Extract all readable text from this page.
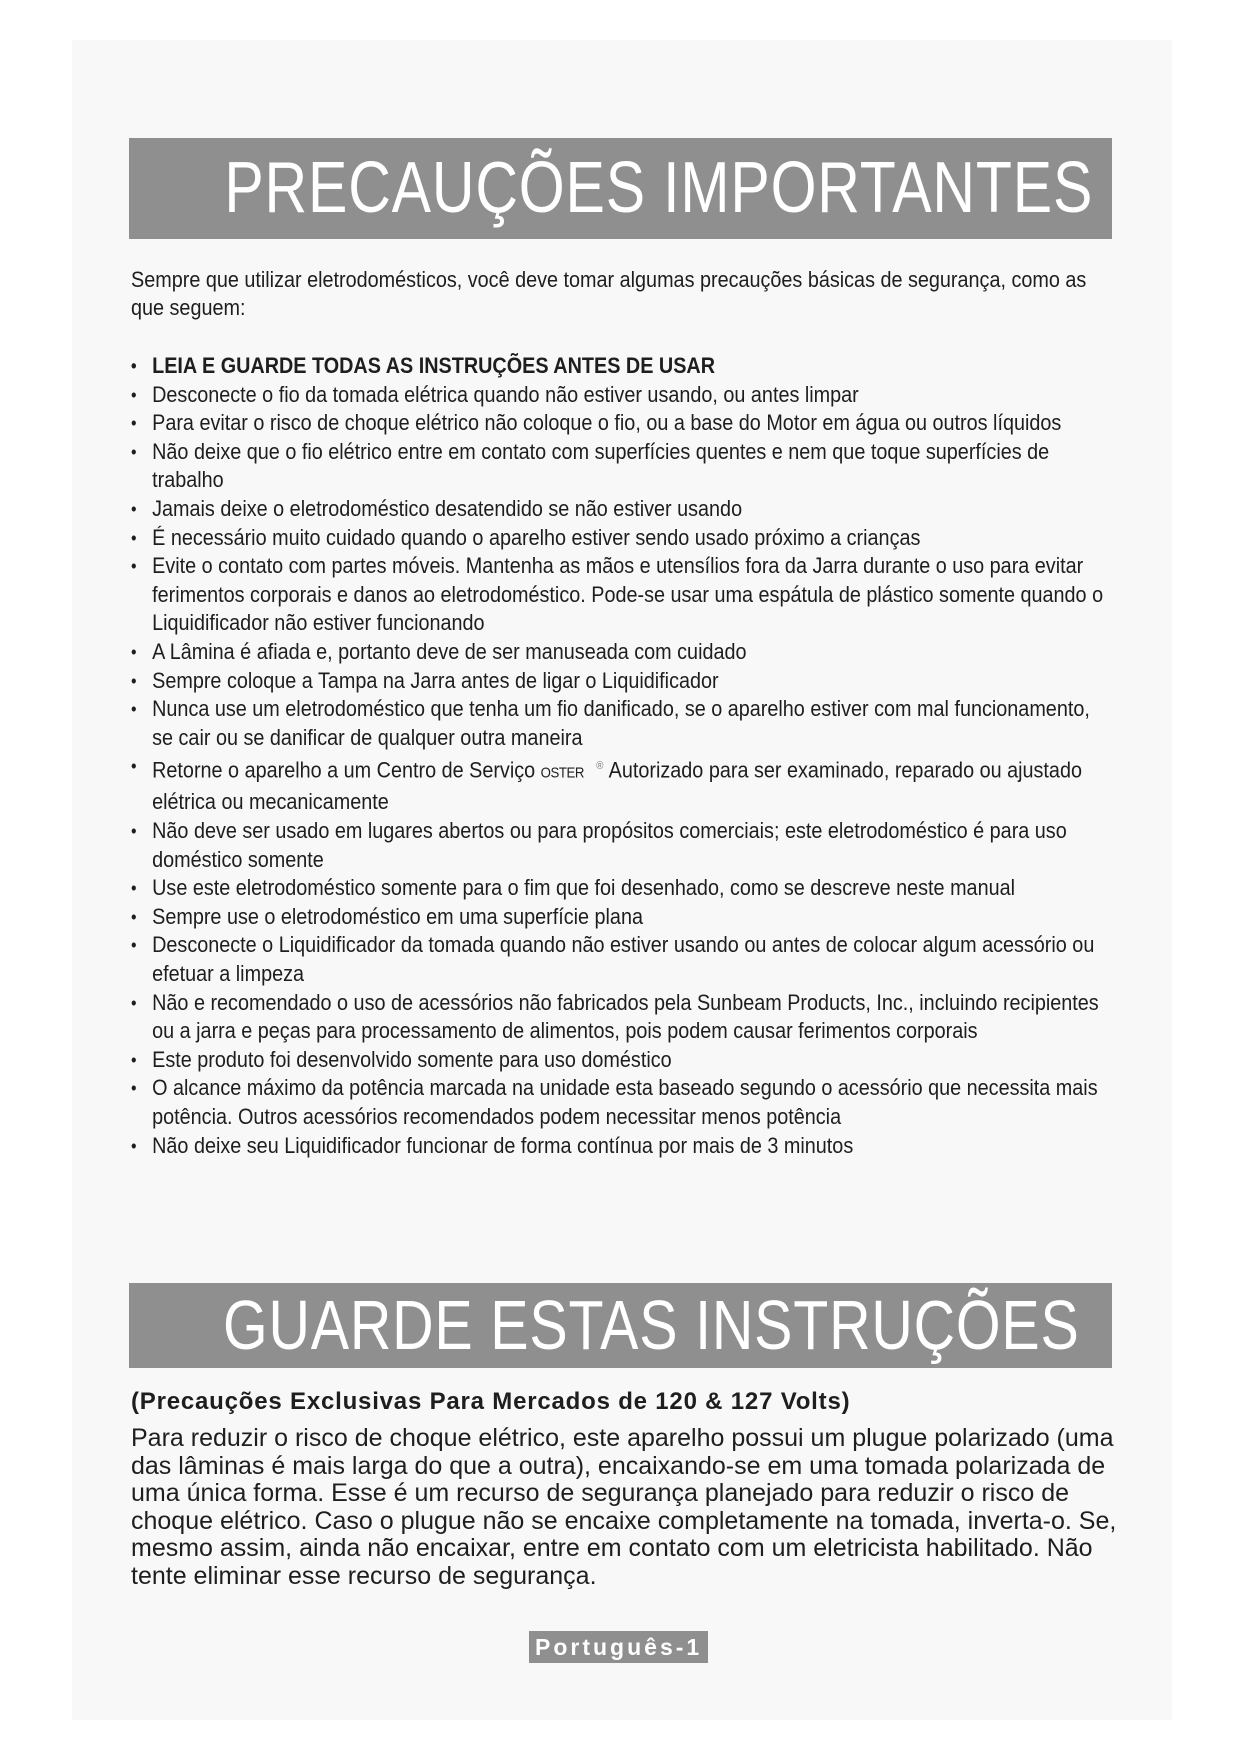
PRECAUÇÕES IMPORTANTES
Sempre que utilizar eletrodomésticos, você deve tomar algumas precauções básicas de segurança, como as que seguem:
• LEIA E GUARDE TODAS AS INSTRUÇÕES ANTES DE USAR
• Desconecte o fio da tomada elétrica quando não estiver usando, ou antes limpar
• Para evitar o risco de choque elétrico não coloque o fio, ou a base do Motor em água ou outros líquidos
• Não deixe que o fio elétrico entre em contato com superfícies quentes e nem que toque superfícies de trabalho
• Jamais deixe o eletrodoméstico desatendido se não estiver usando
• É necessário muito cuidado quando o aparelho estiver sendo usado próximo a crianças
• Evite o contato com partes móveis. Mantenha as mãos e utensílios fora da Jarra durante o uso para evitar ferimentos corporais e danos ao eletrodoméstico. Pode-se usar uma espátula de plástico somente quando o Liquidificador não estiver funcionando
• A Lâmina é afiada e, portanto deve de ser manuseada com cuidado
• Sempre coloque a Tampa na Jarra antes de ligar o Liquidificador
• Nunca use um eletrodoméstico que tenha um fio danificado, se o aparelho estiver com mal funcionamento, se cair ou se danificar de qualquer outra maneira
• Retorne o aparelho a um Centro de Serviço OSTER ® Autorizado para ser examinado, reparado ou ajustado elétrica ou mecanicamente
• Não deve ser usado em lugares abertos ou para propósitos comerciais; este eletrodoméstico é para uso doméstico somente
• Use este eletrodoméstico somente para o fim que foi desenhado, como se descreve neste manual
• Sempre use o eletrodoméstico em uma superfície plana
• Desconecte o Liquidificador da tomada quando não estiver usando ou antes de colocar algum acessório ou efetuar a limpeza
• Não e recomendado o uso de acessórios não fabricados pela Sunbeam Products, Inc., incluindo recipientes ou a jarra e peças para processamento de alimentos, pois podem causar ferimentos corporais
• Este produto foi desenvolvido somente para uso doméstico
• O alcance máximo da potência marcada na unidade esta baseado segundo o acessório que necessita mais potência. Outros acessórios recomendados podem necessitar menos potência
• Não deixe seu Liquidificador funcionar de forma contínua por mais de 3 minutos
GUARDE ESTAS INSTRUÇÕES
(Precauções Exclusivas Para Mercados de 120 & 127 Volts)
Para reduzir o risco de choque elétrico, este aparelho possui um plugue polarizado (uma das lâminas é mais larga do que a outra), encaixando-se em uma tomada polarizada de uma única forma. Esse é um recurso de segurança planejado para reduzir o risco de choque elétrico. Caso o plugue não se encaixe completamente na tomada, inverta-o. Se, mesmo assim, ainda não encaixar, entre em contato com um eletricista habilitado. Não tente eliminar esse recurso de segurança.
Português-1
